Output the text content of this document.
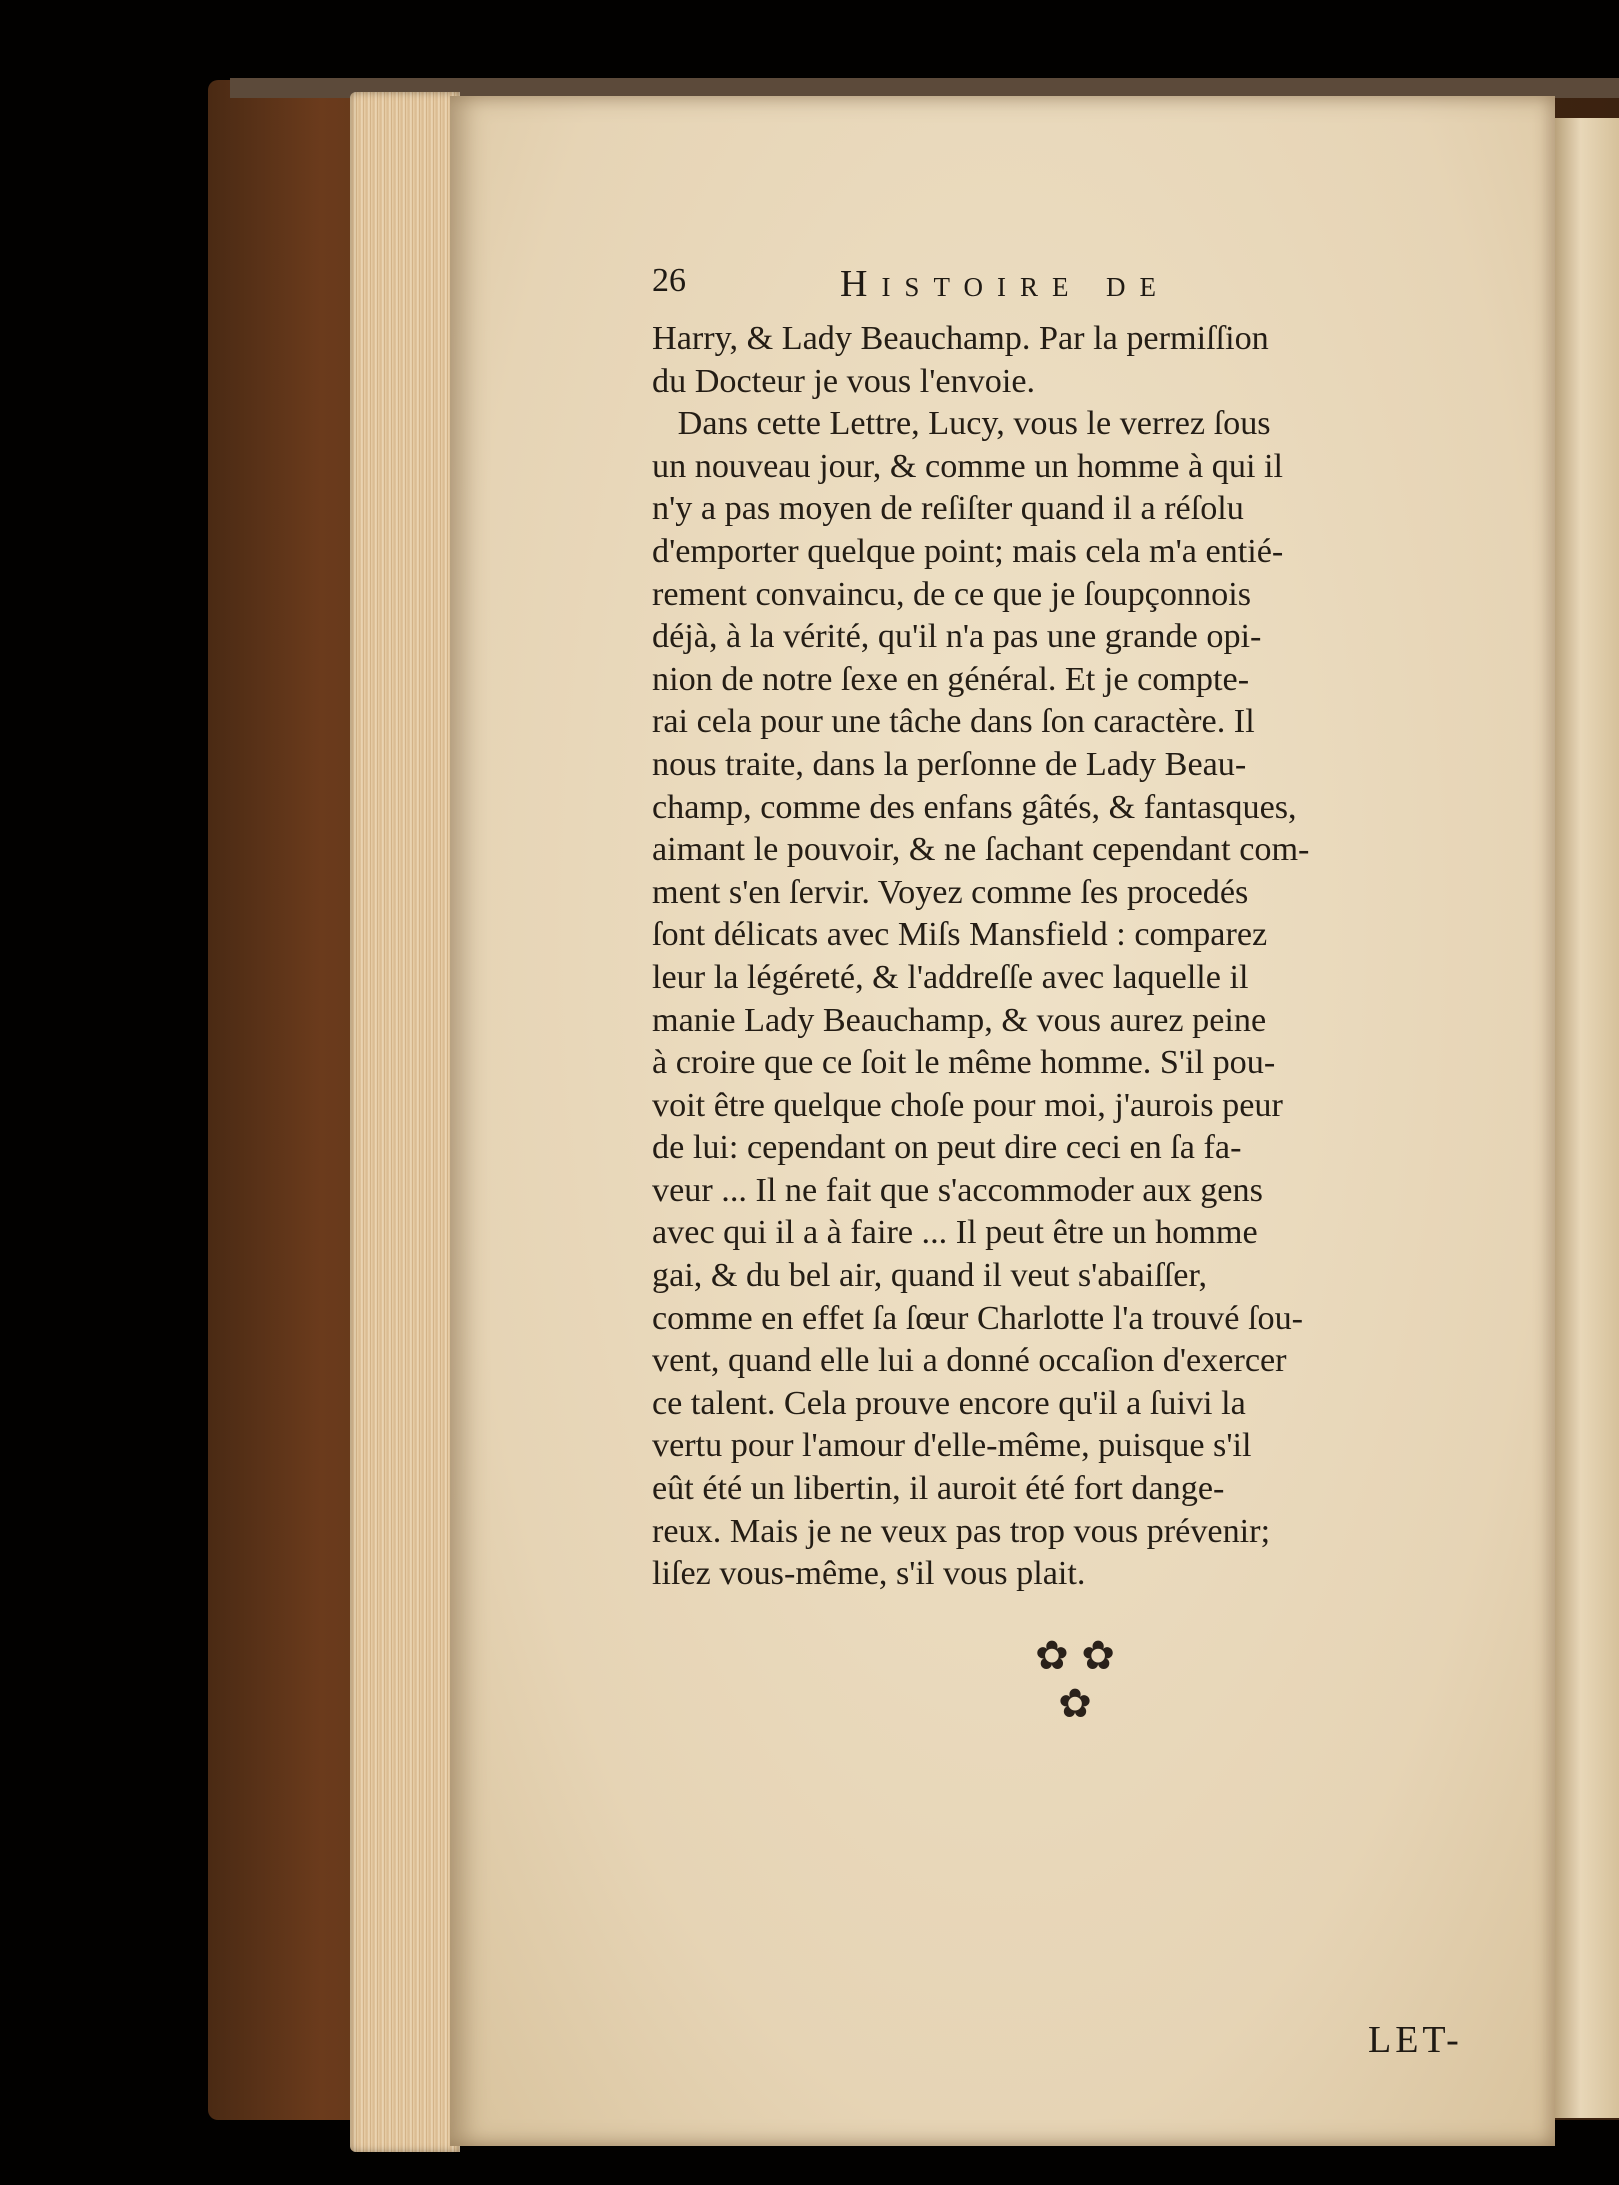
26	Histoire de
Harry, & Lady Beauchamp. Par la permiſſion
du Docteur je vous l'envoie.
Dans cette Lettre, Lucy, vous le verrez ſous
un nouveau jour, & comme un homme à qui il
n'y a pas moyen de reſiſter quand il a réſolu
d'emporter quelque point; mais cela m'a entié-
rement convaincu, de ce que je ſoupçonnois
déjà, à la vérité, qu'il n'a pas une grande opi-
nion de notre ſexe en général. Et je compte-
rai cela pour une tâche dans ſon caractère. Il
nous traite, dans la perſonne de Lady Beau-
champ, comme des enfans gâtés, & fantasques,
aimant le pouvoir, & ne ſachant cependant com-
ment s'en ſervir. Voyez comme ſes procedés
ſont délicats avec Miſs Mansfield : comparez
leur la légéreté, & l'addreſſe avec laquelle il
manie Lady Beauchamp, & vous aurez peine
à croire que ce ſoit le même homme. S'il pou-
voit être quelque choſe pour moi, j'aurois peur
de lui: cependant on peut dire ceci en ſa fa-
veur ... Il ne fait que s'accommoder aux gens
avec qui il a à faire ... Il peut être un homme
gai, & du bel air, quand il veut s'abaiſſer,
comme en effet ſa ſœur Charlotte l'a trouvé ſou-
vent, quand elle lui a donné occaſion d'exercer
ce talent. Cela prouve encore qu'il a ſuivi la
vertu pour l'amour d'elle-même, puisque s'il
eût été un libertin, il auroit été fort dange-
reux. Mais je ne veux pas trop vous prévenir;
liſez vous-même, s'il vous plait.
✿ ✿
✿
LET-
